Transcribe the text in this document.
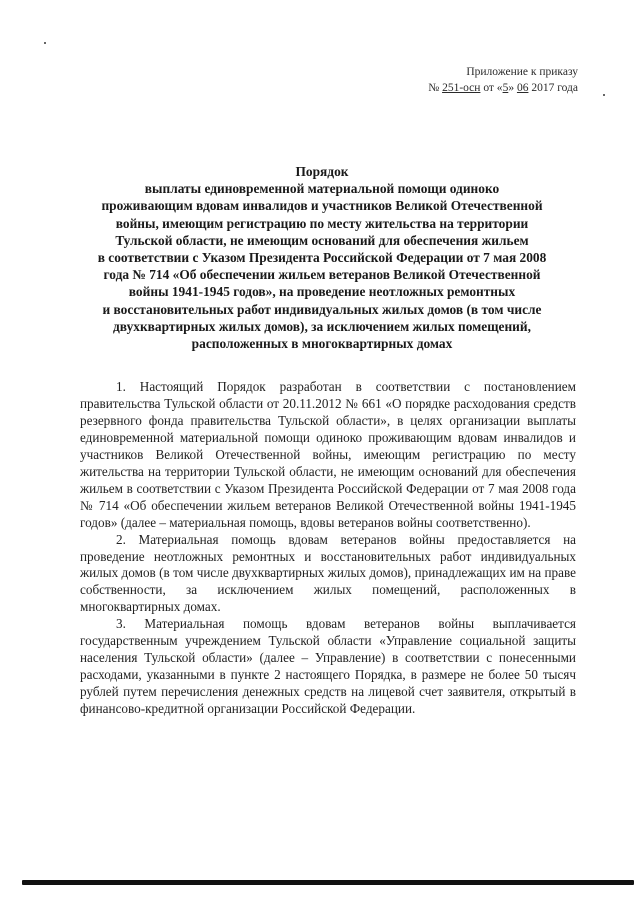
Приложение к приказу
№ 251-осн от «5» 06 2017 года
Порядок
выплаты единовременной материальной помощи одиноко
проживающим вдовам инвалидов и участников Великой Отечественной
войны, имеющим регистрацию по месту жительства на территории
Тульской области, не имеющим оснований для обеспечения жильем
в соответствии с Указом Президента Российской Федерации от 7 мая 2008
года № 714 «Об обеспечении жильем ветеранов Великой Отечественной
войны 1941-1945 годов», на проведение неотложных ремонтных
и восстановительных работ индивидуальных жилых домов (в том числе
двухквартирных жилых домов), за исключением жилых помещений,
расположенных в многоквартирных домах

1. Настоящий Порядок разработан в соответствии с постановлением правительства Тульской области от 20.11.2012 № 661 «О порядке расходования средств резервного фонда правительства Тульской области», в целях организации выплаты единовременной материальной помощи одиноко проживающим вдовам инвалидов и участников Великой Отечественной войны, имеющим регистрацию по месту жительства на территории Тульской области, не имеющим оснований для обеспечения жильем в соответствии с Указом Президента Российской Федерации от 7 мая 2008 года № 714 «Об обеспечении жильем ветеранов Великой Отечественной войны 1941-1945 годов» (далее – материальная помощь, вдовы ветеранов войны соответственно).

2. Материальная помощь вдовам ветеранов войны предоставляется на проведение неотложных ремонтных и восстановительных работ индивидуальных жилых домов (в том числе двухквартирных жилых домов), принадлежащих им на праве собственности, за исключением жилых помещений, расположенных в многоквартирных домах.

3. Материальная помощь вдовам ветеранов войны выплачивается государственным учреждением Тульской области «Управление социальной защиты населения Тульской области» (далее – Управление) в соответствии с понесенными расходами, указанными в пункте 2 настоящего Порядка, в размере не более 50 тысяч рублей путем перечисления денежных средств на лицевой счет заявителя, открытый в финансово-кредитной организации Российской Федерации.
